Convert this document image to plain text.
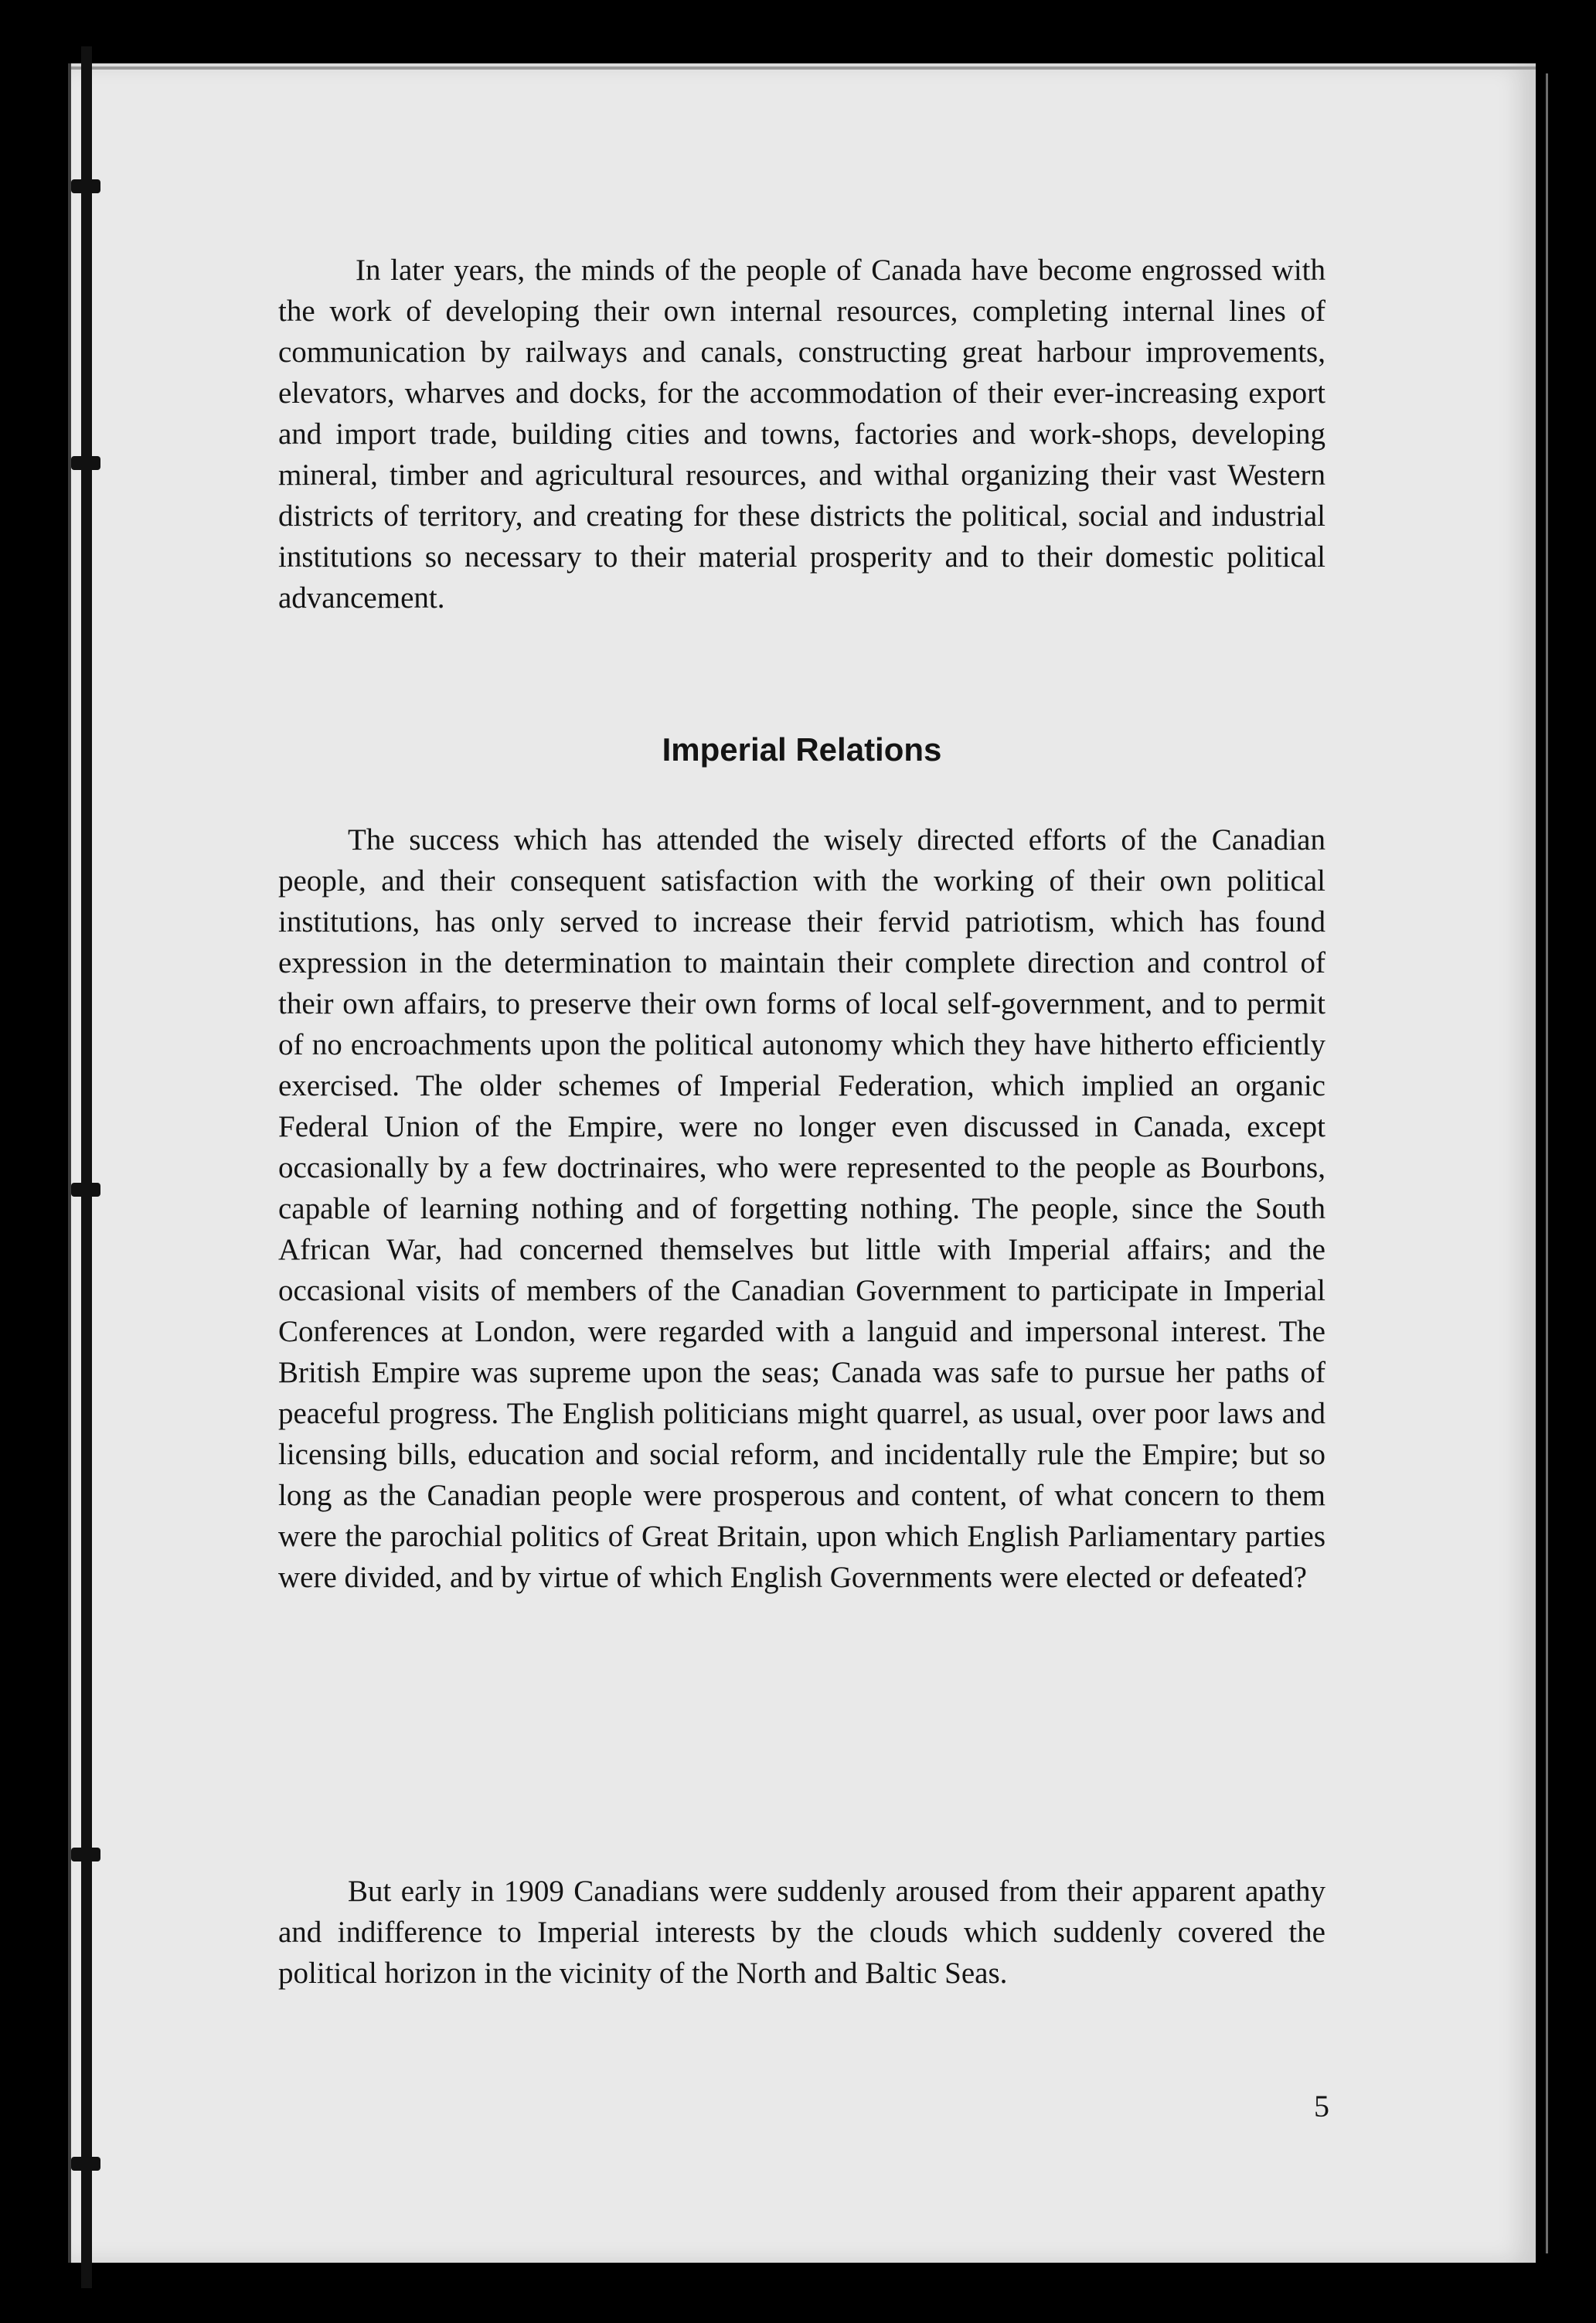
In later years, the minds of the people of Canada have become engrossed with the work of developing their own internal resources, completing internal lines of communication by railways and canals, constructing great harbour improvements, elevators, wharves and docks, for the accommodation of their ever-increasing export and import trade, building cities and towns, factories and work-shops, developing mineral, timber and agricultural resources, and withal organizing their vast Western districts of territory, and creating for these districts the political, social and industrial institutions so necessary to their material prosperity and to their domestic political advancement.

Imperial Relations

The success which has attended the wisely directed efforts of the Canadian people, and their consequent satisfaction with the working of their own political institutions, has only served to increase their fervid patriotism, which has found expression in the determination to maintain their complete direction and control of their own affairs, to preserve their own forms of local self-government, and to permit of no encroachments upon the political autonomy which they have hitherto efficiently exercised. The older schemes of Imperial Federation, which implied an organic Federal Union of the Empire, were no longer even discussed in Canada, except occasionally by a few doctrinaires, who were represented to the people as Bourbons, capable of learning nothing and of forgetting nothing. The people, since the South African War, had concerned themselves but little with Imperial affairs; and the occasional visits of members of the Canadian Government to participate in Imperial Conferences at London, were regarded with a languid and impersonal interest. The British Empire was supreme upon the seas; Canada was safe to pursue her paths of peaceful progress. The English politicians might quarrel, as usual, over poor laws and licensing bills, education and social reform, and incidentally rule the Empire; but so long as the Canadian people were prosperous and content, of what concern to them were the parochial politics of Great Britain, upon which English Parliamentary parties were divided, and by virtue of which English Governments were elected or defeated?

But early in 1909 Canadians were suddenly aroused from their apparent apathy and indifference to Imperial interests by the clouds which suddenly covered the political horizon in the vicinity of the North and Baltic Seas.

5
